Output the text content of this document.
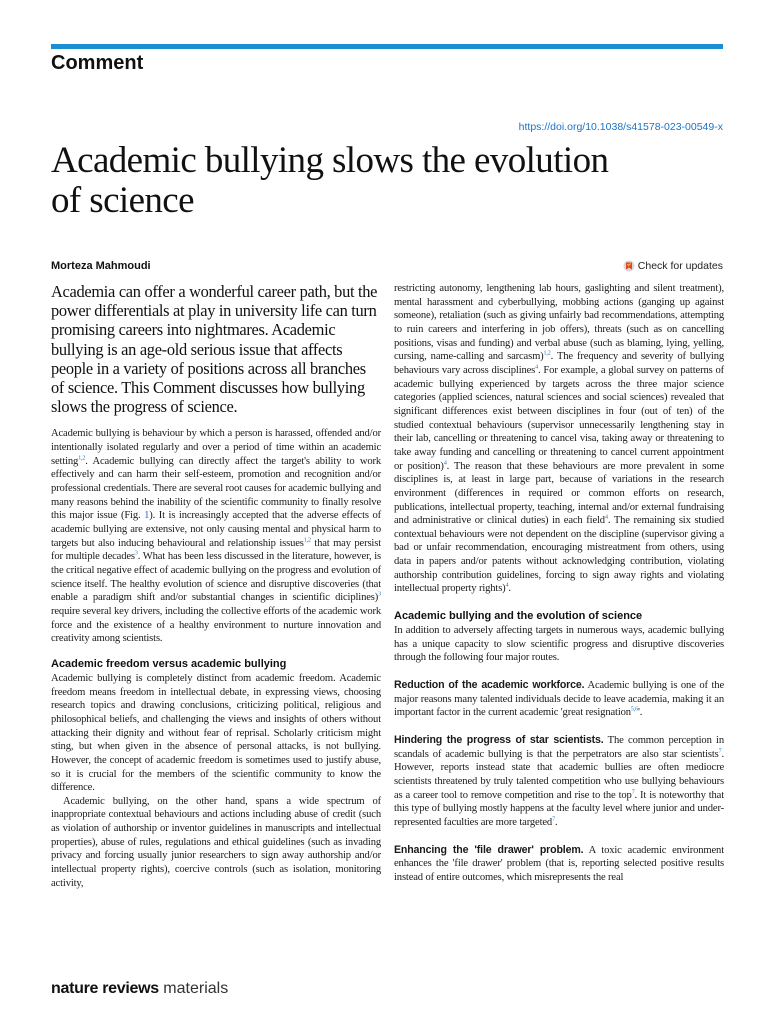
Comment
https://doi.org/10.1038/s41578-023-00549-x
Academic bullying slows the evolution of science
Morteza Mahmoudi	Check for updates

Academia can offer a wonderful career path, but the power differentials at play in university life can turn promising careers into nightmares. Academic bullying is an age-old serious issue that affects people in a variety of positions across all branches of science. This Comment discusses how bullying slows the progress of science.

Academic bullying is behaviour by which a person is harassed, offended and/or intentionally isolated regularly and over a period of time within an academic setting$^{1,2}$. Academic bullying can directly affect the target's ability to work effectively and can harm their self-esteem, promotion and recognition and/or professional credentials. There are several root causes for academic bullying and many reasons behind the inability of the scientific community to finally resolve this major issue (Fig. 1). It is increasingly accepted that the adverse effects of academic bullying are extensive, not only causing mental and physical harm to targets but also inducing behavioural and relationship issues$^{1,2}$ that may persist for multiple decades$^3$. What has been less discussed in the literature, however, is the critical negative effect of academic bullying on the progress and evolution of science itself. The healthy evolution of science and disruptive discoveries (that enable a paradigm shift and/or substantial changes in scientific diciplines)$^3$ require several key drivers, including the collective efforts of the academic work force and the existence of a healthy environment to nurture innovation and creativity among scientists.

Academic freedom versus academic bullying

Academic bullying is completely distinct from academic freedom. Academic freedom means freedom in intellectual debate, in expressing views, choosing research topics and drawing conclusions, criticizing political, religious and philosophical beliefs, and challenging the views and insights of others without attacking their dignity and without fear of reprisal. Scholarly criticism might sting, but when given in the absence of personal attacks, is not bullying. However, the concept of academic freedom is sometimes used to justify abuse, so it is crucial for the members of the scientific community to know the difference.

Academic bullying, on the other hand, spans a wide spectrum of inappropriate contextual behaviours and actions including abuse of credit (such as violation of authorship or inventor guidelines in manuscripts and intellectual properties), abuse of rules, regulations and ethical guidelines (such as invading privacy and forcing usually junior researchers to sign away authorship and/or intellectual property rights), coercive controls (such as isolation, monitoring activity,

restricting autonomy, lengthening lab hours, gaslighting and silent treatment), mental harassment and cyberbullying, mobbing actions (ganging up against someone), retaliation (such as giving unfairly bad recommendations, attempting to ruin careers and interfering in job offers), threats (such as on cancelling positions, visas and funding) and verbal abuse (such as blaming, lying, yelling, cursing, name-calling and sarcasm)$^{1,2}$. The frequency and severity of bullying behaviours vary across disciplines$^4$. For example, a global survey on patterns of academic bullying experienced by targets across the three major science categories (applied sciences, natural sciences and social sciences) revealed that significant differences exist between disciplines in four (out of ten) of the studied contextual behaviours (supervisor unnecessarily lengthening stay in their lab, cancelling or threatening to cancel visa, taking away or threatening to take away funding and cancelling or threatening to cancel current appointment or position)$^4$. The reason that these behaviours are more prevalent in some disciplines is, at least in large part, because of variations in the research environment (differences in required or common efforts on research, publications, intellectual property, teaching, internal and/or external fundraising and administrative or clinical duties) in each field$^4$. The remaining six studied contextual behaviours were not dependent on the discipline (supervisor giving a bad or unfair recommendation, encouraging mistreatment from others, using data in papers and/or patents without acknowledging contribution, violating authorship contribution guidelines, forcing to sign away rights and violating intellectual property rights)$^4$.

Academic bullying and the evolution of science

In addition to adversely affecting targets in numerous ways, academic bullying has a unique capacity to slow scientific progress and disruptive discoveries through the following four major routes.

Reduction of the academic workforce. Academic bullying is one of the major reasons many talented individuals decide to leave academia, making it an important factor in the current academic 'great resignation$^{5,6}$'.

Hindering the progress of star scientists. The common perception in scandals of academic bullying is that the perpetrators are also star scientists$^7$. However, reports instead state that academic bullies are often mediocre scientists threatened by truly talented competition who use bullying behaviours as a career tool to remove competition and rise to the top$^7$. It is noteworthy that this type of bullying mostly happens at the faculty level where junior and under-represented faculties are more targeted$^7$.

Enhancing the 'file drawer' problem. A toxic academic environment enhances the 'file drawer' problem (that is, reporting selected positive results instead of entire outcomes, which misrepresents the real

nature reviews materials
